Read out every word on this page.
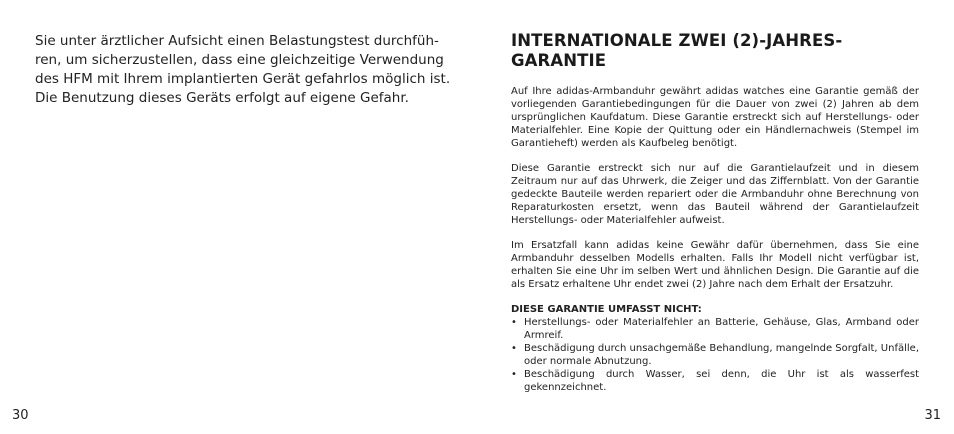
Sie unter ärztlicher Aufsicht einen Belastungstest durchfüh-
ren, um sicherzustellen, dass eine gleichzeitige Verwendung
des HFM mit Ihrem implantierten Gerät gefahrlos möglich ist.
Die Benutzung dieses Geräts erfolgt auf eigene Gefahr.

INTERNATIONALE ZWEI (2)-JAHRES-GARANTIE

Auf Ihre adidas-Armbanduhr gewährt adidas watches eine Garantie gemäß der vorliegenden Garantiebedingungen für die Dauer von zwei (2) Jahren ab dem ursprünglichen Kaufdatum. Diese Garantie erstreckt sich auf Herstellungs- oder Materialfehler. Eine Kopie der Quittung oder ein Händlernachweis (Stempel im Garantieheft) werden als Kaufbeleg benötigt.

Diese Garantie erstreckt sich nur auf die Garantielaufzeit und in diesem Zeitraum nur auf das Uhrwerk, die Zeiger und das Ziffernblatt. Von der Garantie gedeckte Bauteile werden repariert oder die Armbanduhr ohne Berechnung von Reparaturkosten ersetzt, wenn das Bauteil während der Garantielaufzeit Herstellungs- oder Materialfehler aufweist.

Im Ersatzfall kann adidas keine Gewähr dafür übernehmen, dass Sie eine Armbanduhr desselben Modells erhalten. Falls Ihr Modell nicht verfügbar ist, erhalten Sie eine Uhr im selben Wert und ähnlichen Design. Die Garantie auf die als Ersatz erhaltene Uhr endet zwei (2) Jahre nach dem Erhalt der Ersatzuhr.

DIESE GARANTIE UMFASST NICHT:

• Herstellungs- oder Materialfehler an Batterie, Gehäuse, Glas, Armband oder Armreif.
• Beschädigung durch unsachgemäße Behandlung, mangelnde Sorgfalt, Unfälle, oder normale Abnutzung.
• Beschädigung durch Wasser, sei denn, die Uhr ist als wasserfest gekennzeichnet.
30	31
